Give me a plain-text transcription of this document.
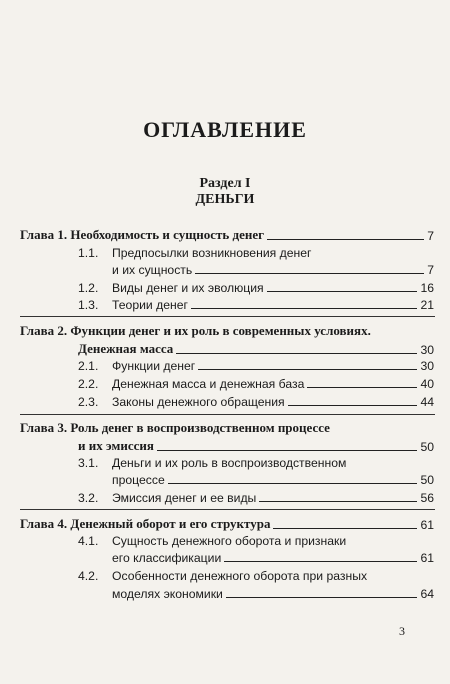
ОГЛАВЛЕНИЕ
Раздел I
ДЕНЬГИ
Глава 1. Необходимость и сущность денег	7
1.1.	Предпосылки возникновения денег
и их сущность	7
1.2.	Виды денег и их эволюция	16
1.3.	Теории денег	21
Глава 2. Функции денег и их роль в современных условиях.
Денежная масса	30
2.1.	Функции денег	30
2.2.	Денежная масса и денежная база	40
2.3.	Законы денежного обращения	44
Глава 3. Роль денег в воспроизводственном процессе
и их эмиссия	50
3.1.	Деньги и их роль в воспроизводственном
процессе	50
3.2.	Эмиссия денег и ее виды	56
Глава 4. Денежный оборот и его структура	61
4.1.	Сущность денежного оборота и признаки
его классификации	61
4.2.	Особенности денежного оборота при разных
моделях экономики	64
3
